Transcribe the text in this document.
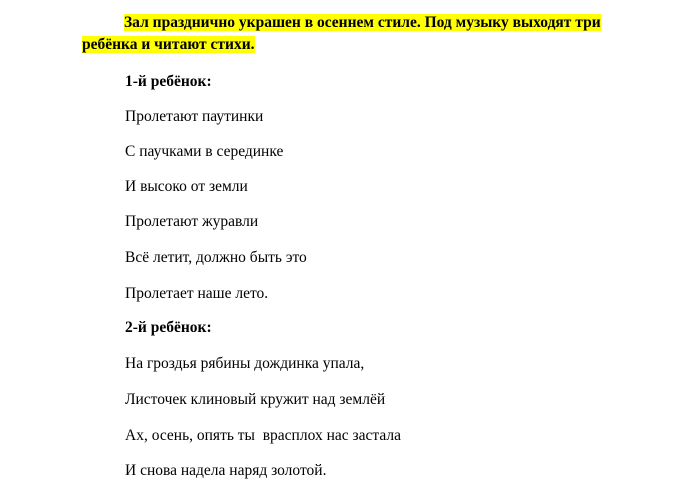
Зал празднично украшен в осеннем стиле. Под музыку выходят три
ребёнка и читают стихи.

1-й ребёнок:

Пролетают паутинки

С паучками в серединке

И высоко от земли

Пролетают журавли

Всё летит, должно быть это

Пролетает наше лето.

2-й ребёнок:

На гроздья рябины дождинка упала,

Листочек клиновый кружит над землёй

Ах, осень, опять ты  врасплох нас застала

И снова надела наряд золотой.
